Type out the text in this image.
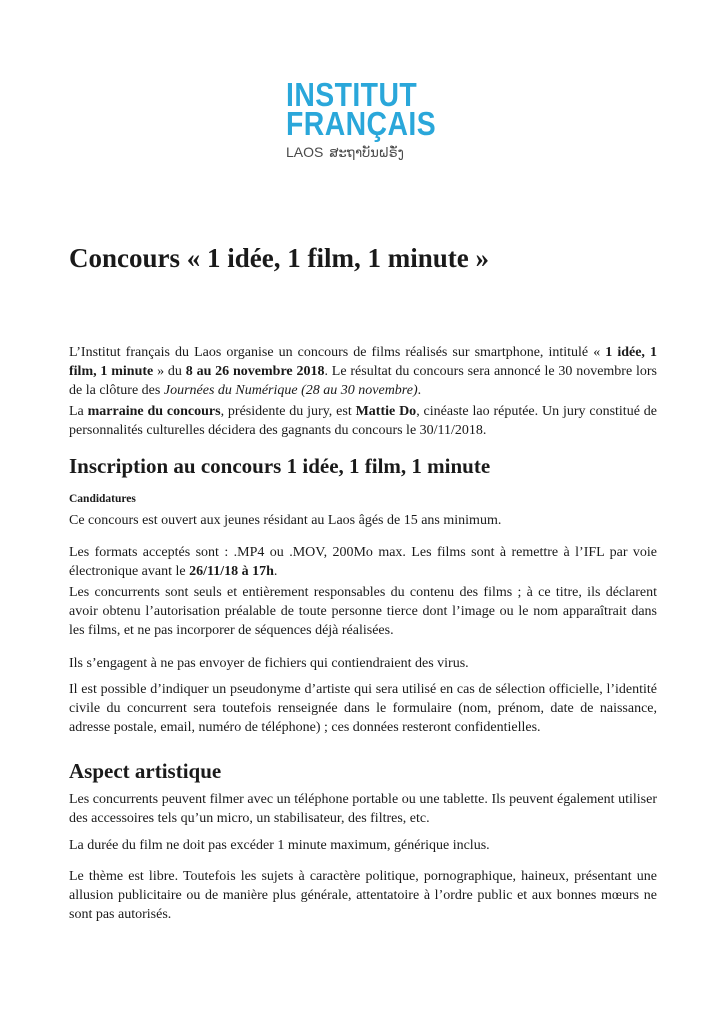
INSTITUT
FRANÇAIS
LAOS ສະຖາບັນຝຣັ່ງ
Concours « 1 idée, 1 film, 1 minute »

L’Institut français du Laos organise un concours de films réalisés sur smartphone, intitulé « 1 idée, 1 film, 1 minute » du 8 au 26 novembre 2018. Le résultat du concours sera annoncé le 30 novembre lors de la clôture des Journées du Numérique (28 au 30 novembre).

La marraine du concours, présidente du jury, est Mattie Do, cinéaste lao réputée. Un jury constitué de personnalités culturelles décidera des gagnants du concours le 30/11/2018.

Inscription au concours 1 idée, 1 film, 1 minute
Candidatures

Ce concours est ouvert aux jeunes résidant au Laos âgés de 15 ans minimum.

Les formats acceptés sont : .MP4 ou .MOV, 200Mo max. Les films sont à remettre à l’IFL par voie électronique avant le 26/11/18 à 17h.

Les concurrents sont seuls et entièrement responsables du contenu des films ; à ce titre, ils déclarent avoir obtenu l’autorisation préalable de toute personne tierce dont l’image ou le nom apparaîtrait dans les films, et ne pas incorporer de séquences déjà réalisées.

Ils s’engagent à ne pas envoyer de fichiers qui contiendraient des virus.

Il est possible d’indiquer un pseudonyme d’artiste qui sera utilisé en cas de sélection officielle, l’identité civile du concurrent sera toutefois renseignée dans le formulaire (nom, prénom, date de naissance, adresse postale, email, numéro de téléphone) ; ces données resteront confidentielles.

Aspect artistique

Les concurrents peuvent filmer avec un téléphone portable ou une tablette. Ils peuvent également utiliser des accessoires tels qu’un micro, un stabilisateur, des filtres, etc.

La durée du film ne doit pas excéder 1 minute maximum, générique inclus.

Le thème est libre. Toutefois les sujets à caractère politique, pornographique, haineux, présentant une allusion publicitaire ou de manière plus générale, attentatoire à l’ordre public et aux bonnes mœurs ne sont pas autorisés.
